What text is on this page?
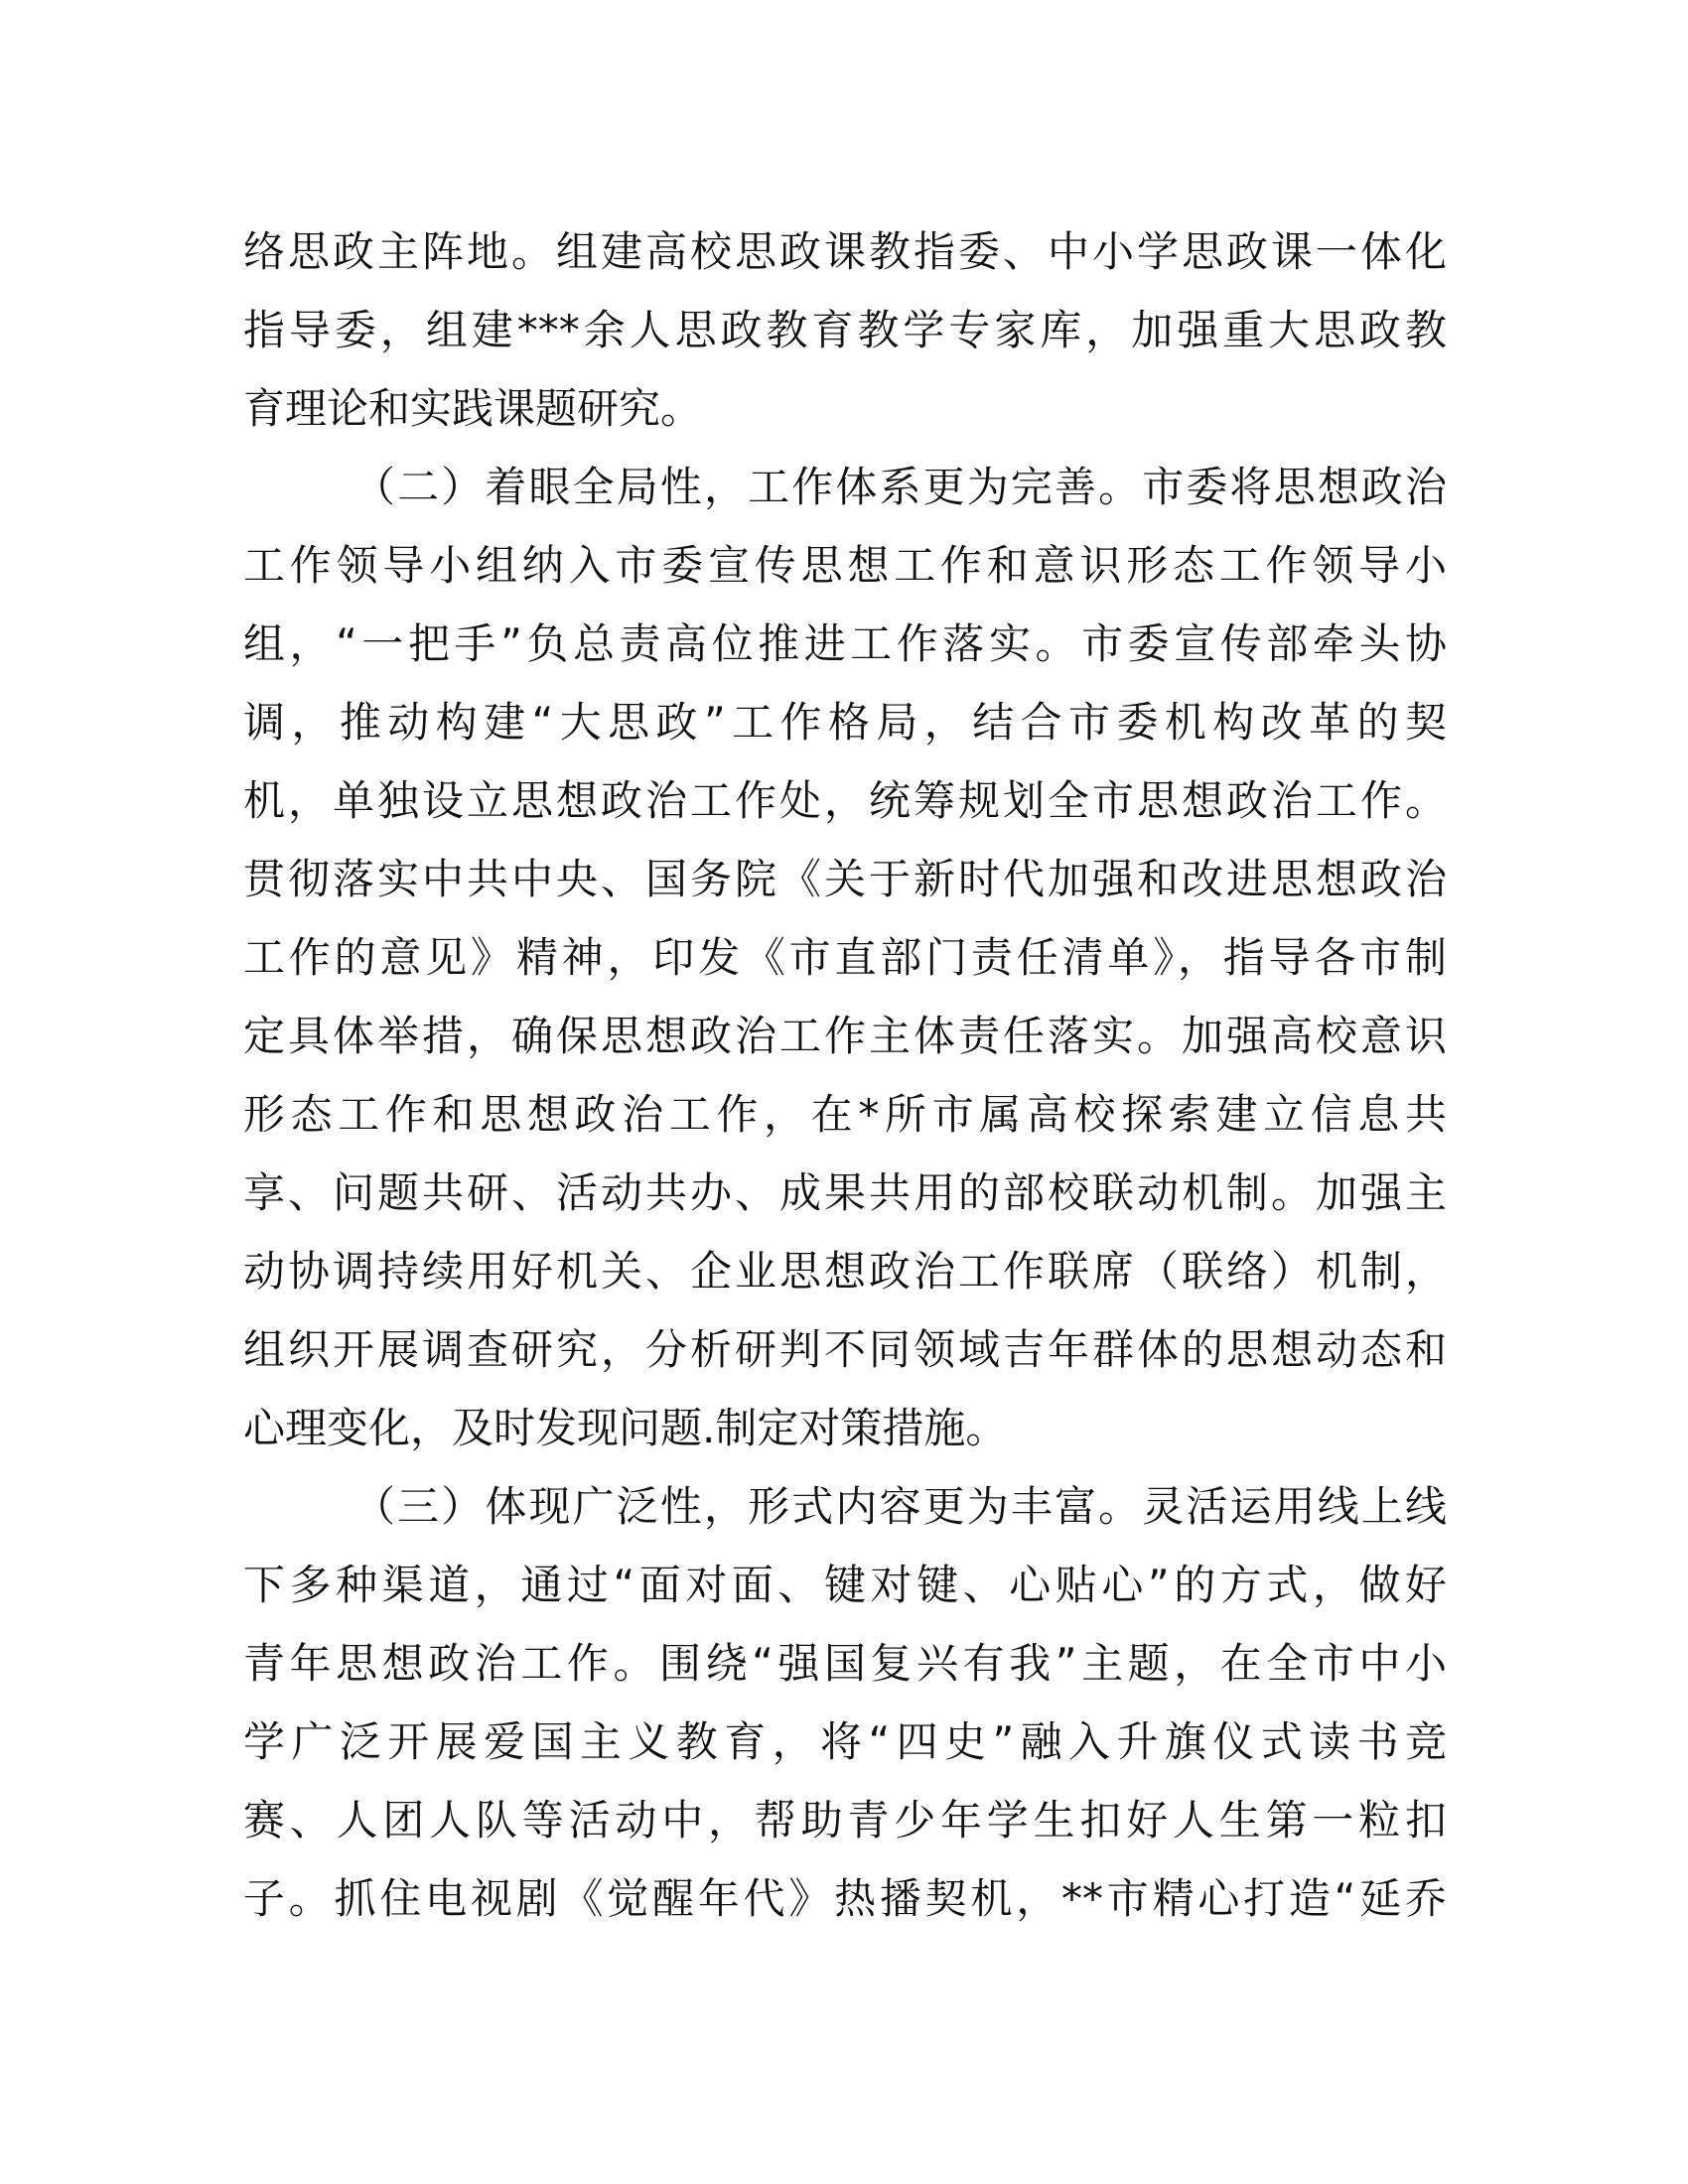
络思政主阵地。组建高校思政课教指委、中小学思政课一体化
指导委，组建***余人思政教育教学专家库，加强重大思政教
育理论和实践课题研究。
（二）着眼全局性，工作体系更为完善。市委将思想政治
工作领导小组纳入市委宣传思想工作和意识形态工作领导小
组，“一把手”负总责高位推进工作落实。市委宣传部牵头协
调，推动构建“大思政”工作格局，结合市委机构改革的契
机，单独设立思想政治工作处，统筹规划全市思想政治工作。
贯彻落实中共中央、国务院《关于新时代加强和改进思想政治
工作的意见》精神，印发《市直部门责任清单》，指导各市制
定具体举措，确保思想政治工作主体责任落实。加强高校意识
形态工作和思想政治工作，在*所市属高校探索建立信息共
享、问题共研、活动共办、成果共用的部校联动机制。加强主
动协调持续用好机关、企业思想政治工作联席（联络）机制，
组织开展调查研究，分析研判不同领域吉年群体的思想动态和
心理变化，及时发现问题.制定对策措施。
（三）体现广泛性，形式内容更为丰富。灵活运用线上线
下多种渠道，通过“面对面、键对键、心贴心”的方式，做好
青年思想政治工作。围绕“强国复兴有我”主题，在全市中小
学广泛开展爱国主义教育，将“四史”融入升旗仪式读书竞
赛、人团人队等活动中，帮助青少年学生扣好人生第一粒扣
子。抓住电视剧《觉醒年代》热播契机，**市精心打造“延乔
